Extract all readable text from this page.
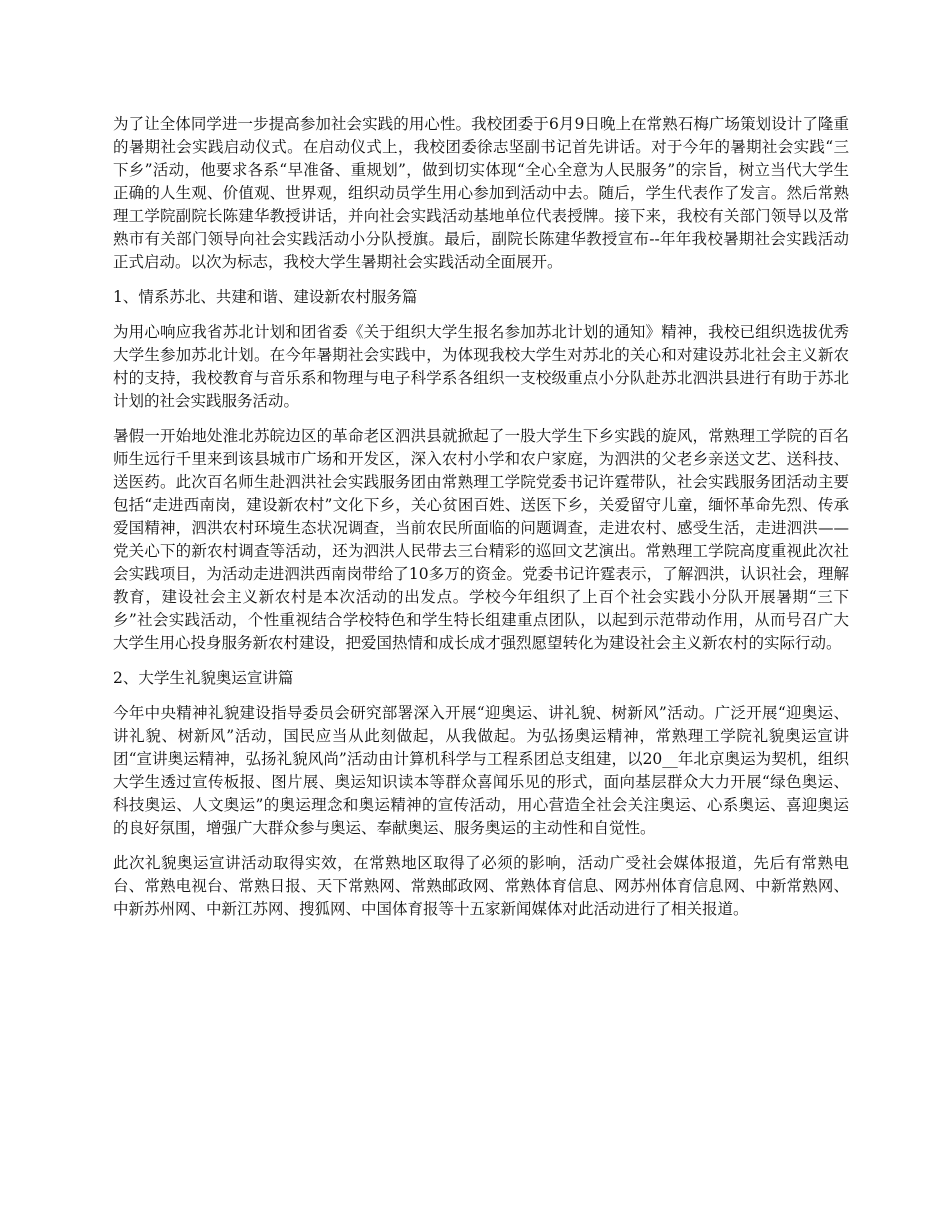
为了让全体同学进一步提高参加社会实践的用心性。我校团委于6月9日晚上在常熟石梅广场策划设计了隆重的暑期社会实践启动仪式。在启动仪式上，我校团委徐志坚副书记首先讲话。对于今年的暑期社会实践“三下乡”活动，他要求各系“早准备、重规划”，做到切实体现“全心全意为人民服务”的宗旨，树立当代大学生正确的人生观、价值观、世界观，组织动员学生用心参加到活动中去。随后，学生代表作了发言。然后常熟理工学院副院长陈建华教授讲话，并向社会实践活动基地单位代表授牌。接下来，我校有关部门领导以及常熟市有关部门领导向社会实践活动小分队授旗。最后，副院长陈建华教授宣布--年年我校暑期社会实践活动正式启动。以次为标志，我校大学生暑期社会实践活动全面展开。

1、情系苏北、共建和谐、建设新农村服务篇

为用心响应我省苏北计划和团省委《关于组织大学生报名参加苏北计划的通知》精神，我校已组织选拔优秀大学生参加苏北计划。在今年暑期社会实践中，为体现我校大学生对苏北的关心和对建设苏北社会主义新农村的支持，我校教育与音乐系和物理与电子科学系各组织一支校级重点小分队赴苏北泗洪县进行有助于苏北计划的社会实践服务活动。

暑假一开始地处淮北苏皖边区的革命老区泗洪县就掀起了一股大学生下乡实践的旋风，常熟理工学院的百名师生远行千里来到该县城市广场和开发区，深入农村小学和农户家庭，为泗洪的父老乡亲送文艺、送科技、送医药。此次百名师生赴泗洪社会实践服务团由常熟理工学院党委书记许霆带队，社会实践服务团活动主要包括“走进西南岗，建设新农村”文化下乡，关心贫困百姓、送医下乡，关爱留守儿童，缅怀革命先烈、传承爱国精神，泗洪农村环境生态状况调查，当前农民所面临的问题调查，走进农村、感受生活，走进泗洪——党关心下的新农村调查等活动，还为泗洪人民带去三台精彩的巡回文艺演出。常熟理工学院高度重视此次社会实践项目，为活动走进泗洪西南岗带给了10多万的资金。党委书记许霆表示，了解泗洪，认识社会，理解教育，建设社会主义新农村是本次活动的出发点。学校今年组织了上百个社会实践小分队开展暑期“三下乡”社会实践活动，个性重视结合学校特色和学生特长组建重点团队，以起到示范带动作用，从而号召广大大学生用心投身服务新农村建设，把爱国热情和成长成才强烈愿望转化为建设社会主义新农村的实际行动。

2、大学生礼貌奥运宣讲篇

今年中央精神礼貌建设指导委员会研究部署深入开展“迎奥运、讲礼貌、树新风”活动。广泛开展“迎奥运、讲礼貌、树新风”活动，国民应当从此刻做起，从我做起。为弘扬奥运精神，常熟理工学院礼貌奥运宣讲团“宣讲奥运精神，弘扬礼貌风尚”活动由计算机科学与工程系团总支组建，以20__年北京奥运为契机，组织大学生透过宣传板报、图片展、奥运知识读本等群众喜闻乐见的形式，面向基层群众大力开展“绿色奥运、科技奥运、人文奥运”的奥运理念和奥运精神的宣传活动，用心营造全社会关注奥运、心系奥运、喜迎奥运的良好氛围，增强广大群众参与奥运、奉献奥运、服务奥运的主动性和自觉性。

此次礼貌奥运宣讲活动取得实效，在常熟地区取得了必须的影响，活动广受社会媒体报道，先后有常熟电台、常熟电视台、常熟日报、天下常熟网、常熟邮政网、常熟体育信息、网苏州体育信息网、中新常熟网、中新苏州网、中新江苏网、搜狐网、中国体育报等十五家新闻媒体对此活动进行了相关报道。
